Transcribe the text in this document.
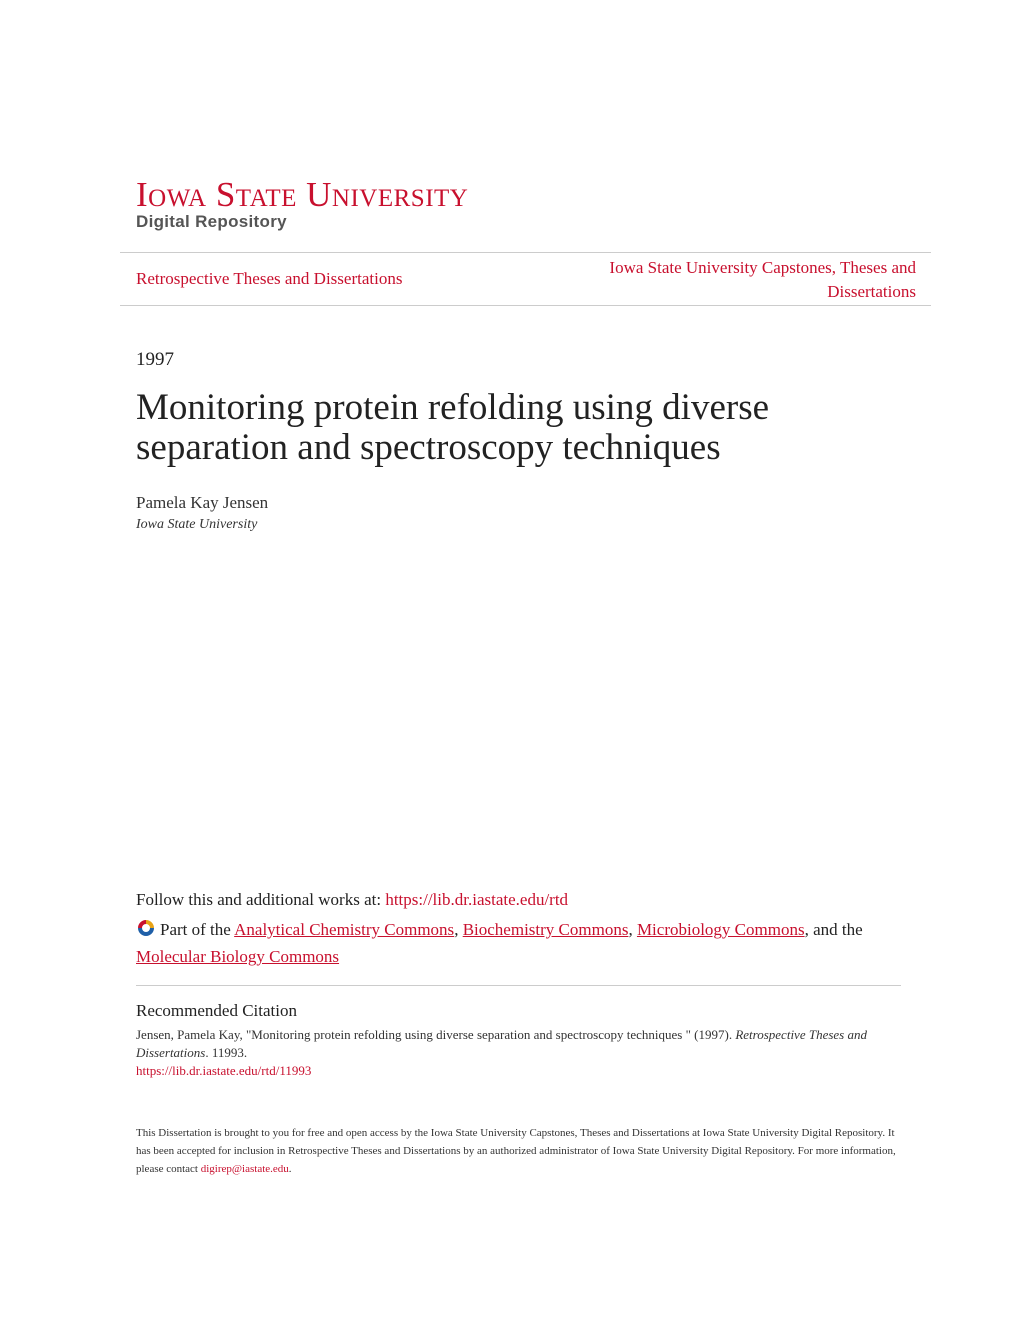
Iowa State University
Digital Repository
Retrospective Theses and Dissertations
Iowa State University Capstones, Theses and Dissertations
1997
Monitoring protein refolding using diverse separation and spectroscopy techniques
Pamela Kay Jensen
Iowa State University
Follow this and additional works at: https://lib.dr.iastate.edu/rtd
Part of the Analytical Chemistry Commons, Biochemistry Commons, Microbiology Commons, and the Molecular Biology Commons
Recommended Citation
Jensen, Pamela Kay, "Monitoring protein refolding using diverse separation and spectroscopy techniques " (1997). Retrospective Theses and Dissertations. 11993.
https://lib.dr.iastate.edu/rtd/11993
This Dissertation is brought to you for free and open access by the Iowa State University Capstones, Theses and Dissertations at Iowa State University Digital Repository. It has been accepted for inclusion in Retrospective Theses and Dissertations by an authorized administrator of Iowa State University Digital Repository. For more information, please contact digirep@iastate.edu.
